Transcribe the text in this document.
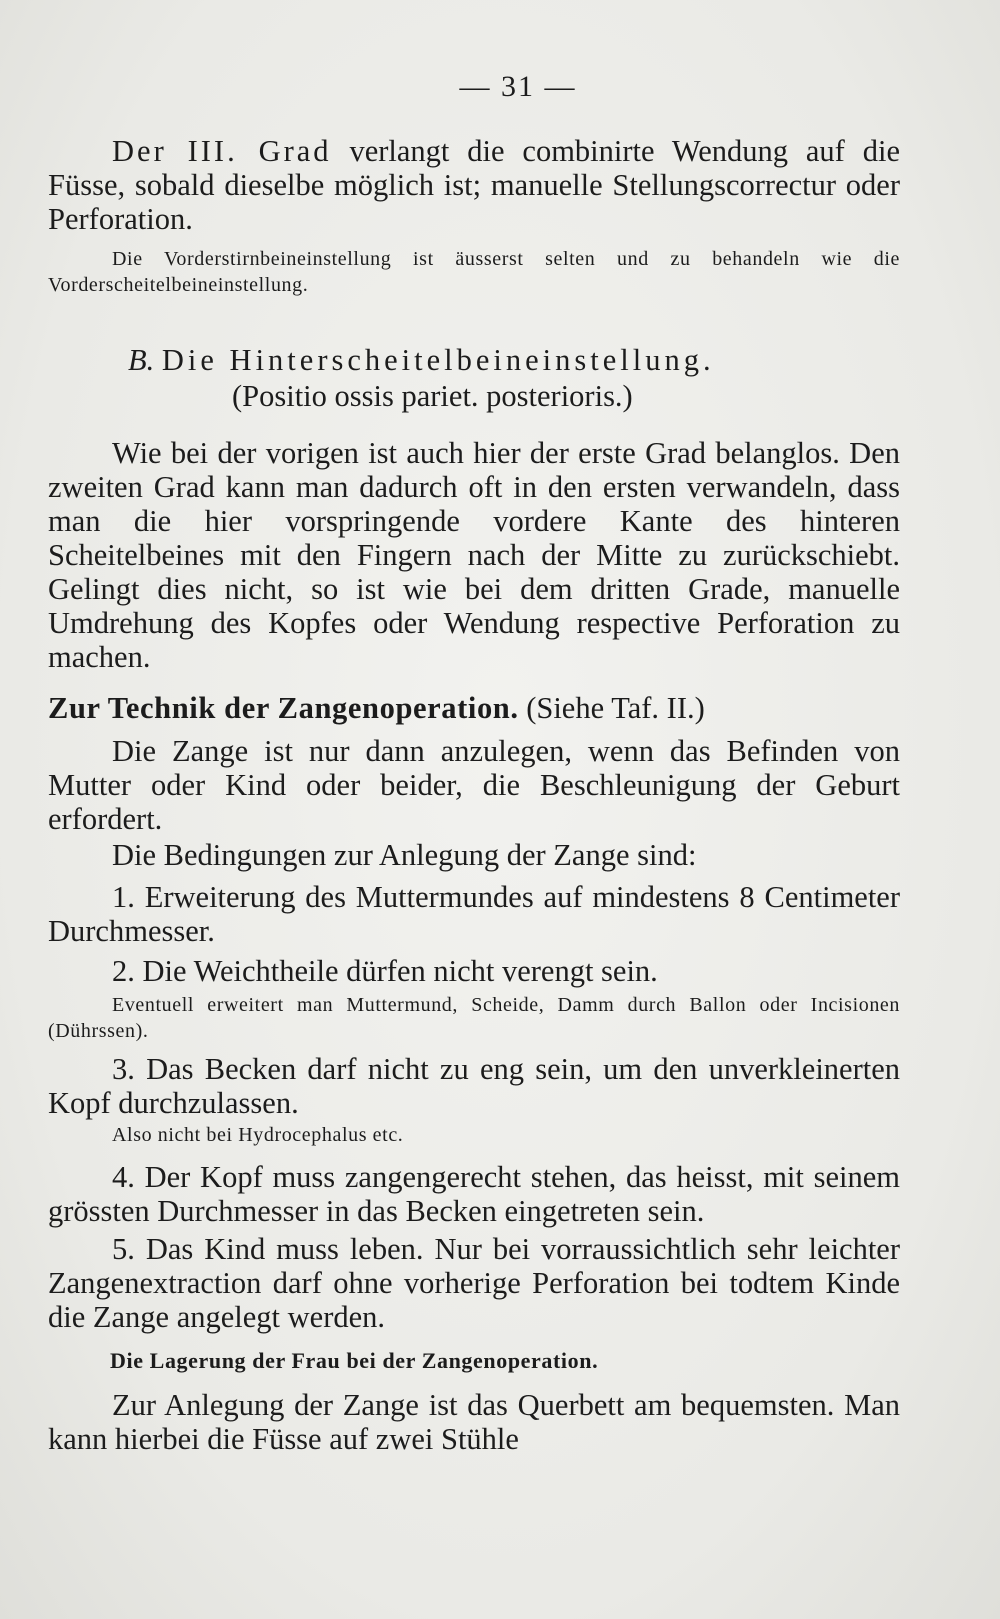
— 31 —
Der III. Grad verlangt die combinirte Wendung auf die Füsse, sobald dieselbe möglich ist; manuelle Stellungscorrectur oder Perforation.
Die Vorderstirnbeineinstellung ist äusserst selten und zu behandeln wie die Vorderscheitelbeineinstellung.
B. Die Hinterscheitelbeineinstellung.
(Positio ossis pariet. posterioris.)
Wie bei der vorigen ist auch hier der erste Grad belanglos. Den zweiten Grad kann man dadurch oft in den ersten verwandeln, dass man die hier vorspringende vordere Kante des hinteren Scheitelbeines mit den Fingern nach der Mitte zu zurückschiebt. Gelingt dies nicht, so ist wie bei dem dritten Grade, manuelle Umdrehung des Kopfes oder Wendung respective Perforation zu machen.
Zur Technik der Zangenoperation. (Siehe Taf. II.)
Die Zange ist nur dann anzulegen, wenn das Befinden von Mutter oder Kind oder beider, die Beschleunigung der Geburt erfordert.
Die Bedingungen zur Anlegung der Zange sind:
1. Erweiterung des Muttermundes auf mindestens 8 Centimeter Durchmesser.
2. Die Weichtheile dürfen nicht verengt sein.
Eventuell erweitert man Muttermund, Scheide, Damm durch Ballon oder Incisionen (Dührssen).
3. Das Becken darf nicht zu eng sein, um den unverkleinerten Kopf durchzulassen.
Also nicht bei Hydrocephalus etc.
4. Der Kopf muss zangengerecht stehen, das heisst, mit seinem grössten Durchmesser in das Becken eingetreten sein.
5. Das Kind muss leben. Nur bei vorraussichtlich sehr leichter Zangenextraction darf ohne vorherige Perforation bei todtem Kinde die Zange angelegt werden.
Die Lagerung der Frau bei der Zangenoperation.
Zur Anlegung der Zange ist das Querbett am bequemsten. Man kann hierbei die Füsse auf zwei Stühle
